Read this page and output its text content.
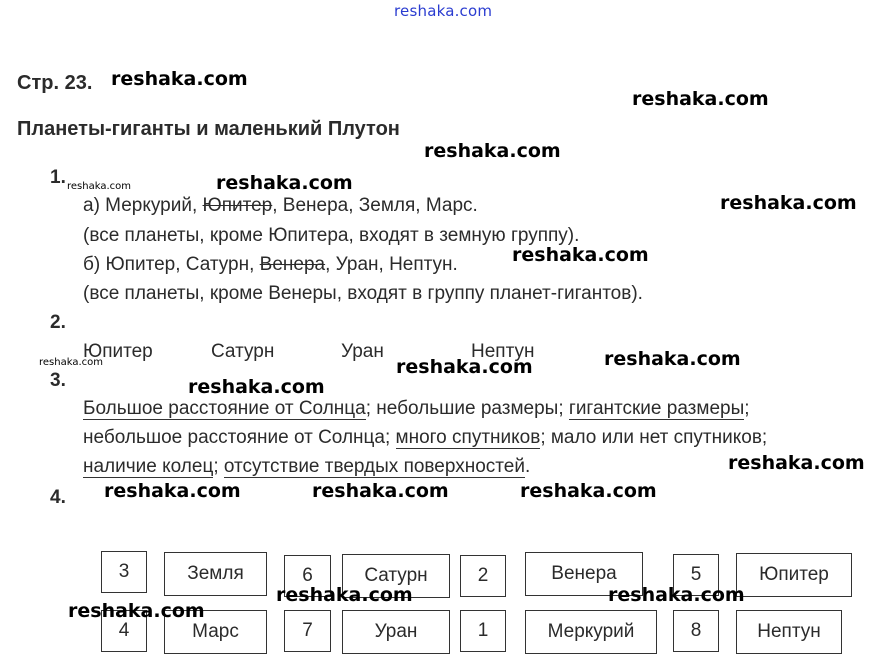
reshaka.com
Стр. 23.
Планеты-гиганты и маленький Плутон
1.
а) Меркурий, Юпитер, Венера, Земля, Марс.
(все планеты, кроме Юпитера, входят в земную группу).
б) Юпитер, Сатурн, Венера, Уран, Нептун.
(все планеты, кроме Венеры, входят в группу планет-гигантов).
2.
Юпитер	Сатурн	Уран	Нептун
3.
Большое расстояние от Солнца; небольшие размеры; гигантские размеры;
небольшое расстояние от Солнца; много спутников; мало или нет спутников;
наличие колец; отсутствие твердых поверхностей.
4.
3	Земля	6	Сатурн	2	Венера	5	Юпитер
4	Марс	7	Уран	1	Меркурий	8	Нептун
reshaka.com
reshaka.com
reshaka.com
reshaka.com	reshaka.com
reshaka.com
reshaka.com
reshaka.com	reshaka.com
reshaka.com
reshaka.com
reshaka.com
reshaka.com	reshaka.com	reshaka.com
reshaka.com	reshaka.com
reshaka.com
